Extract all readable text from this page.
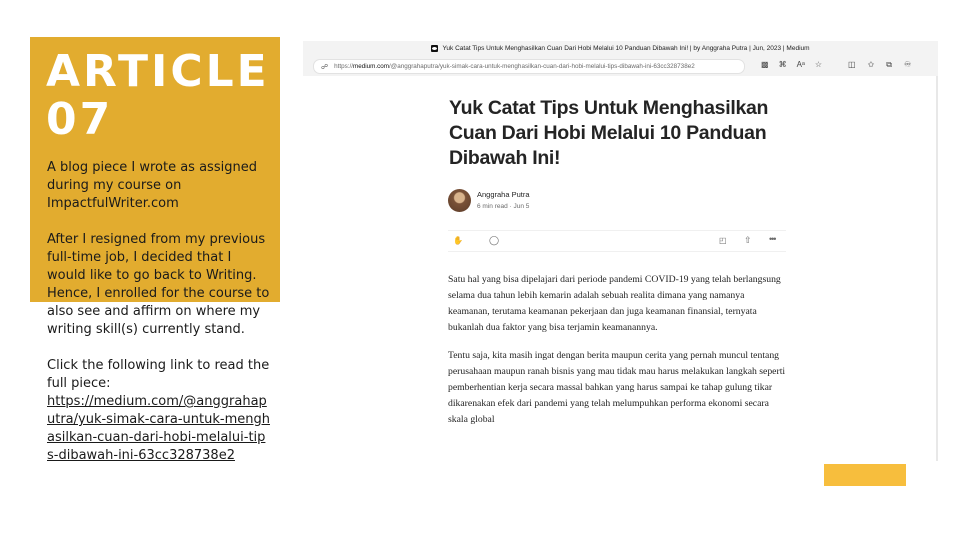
ARTICLE
07

A blog piece I wrote as assigned during my course on ImpactfulWriter.com

After I resigned from my previous full-time job, I decided that I would like to go back to Writing. Hence, I enrolled for the course to also see and affirm on where my writing skill(s) currently stand.

Click the following link to read the full piece:
https://medium.com/@anggrahaputra/yuk-simak-cara-untuk-menghasilkan-cuan-dari-hobi-melalui-tips-dibawah-ini-63cc328738e2

Yuk Catat Tips Untuk Menghasilkan Cuan Dari Hobi Melalui 10 Panduan Dibawah Ini! | by Anggraha Putra | Jun, 2023 | Medium
☍ https:// medium.com /@anggrahaputra/yuk-simak-cara-untuk-menghasilkan-cuan-dari-hobi-melalui-tips-dibawah-ini-63cc328738e2	▩ ⌘ Aᵃ ☆	◫ ✩ ⧉ ♾
Yuk Catat Tips Untuk Menghasilkan Cuan Dari Hobi Melalui 10 Panduan Dibawah Ini!
Anggraha Putra
6 min read · Jun 5
✋	◯	◰ ⇧ •••

Satu hal yang bisa dipelajari dari periode pandemi COVID-19 yang telah berlangsung selama dua tahun lebih kemarin adalah sebuah realita dimana yang namanya keamanan, terutama keamanan pekerjaan dan juga keamanan finansial, ternyata bukanlah dua faktor yang bisa terjamin keamanannya.

Tentu saja, kita masih ingat dengan berita maupun cerita yang pernah muncul tentang perusahaan maupun ranah bisnis yang mau tidak mau harus melakukan langkah seperti pemberhentian kerja secara massal bahkan yang harus sampai ke tahap gulung tikar dikarenakan efek dari pandemi yang telah melumpuhkan performa ekonomi secara skala global
